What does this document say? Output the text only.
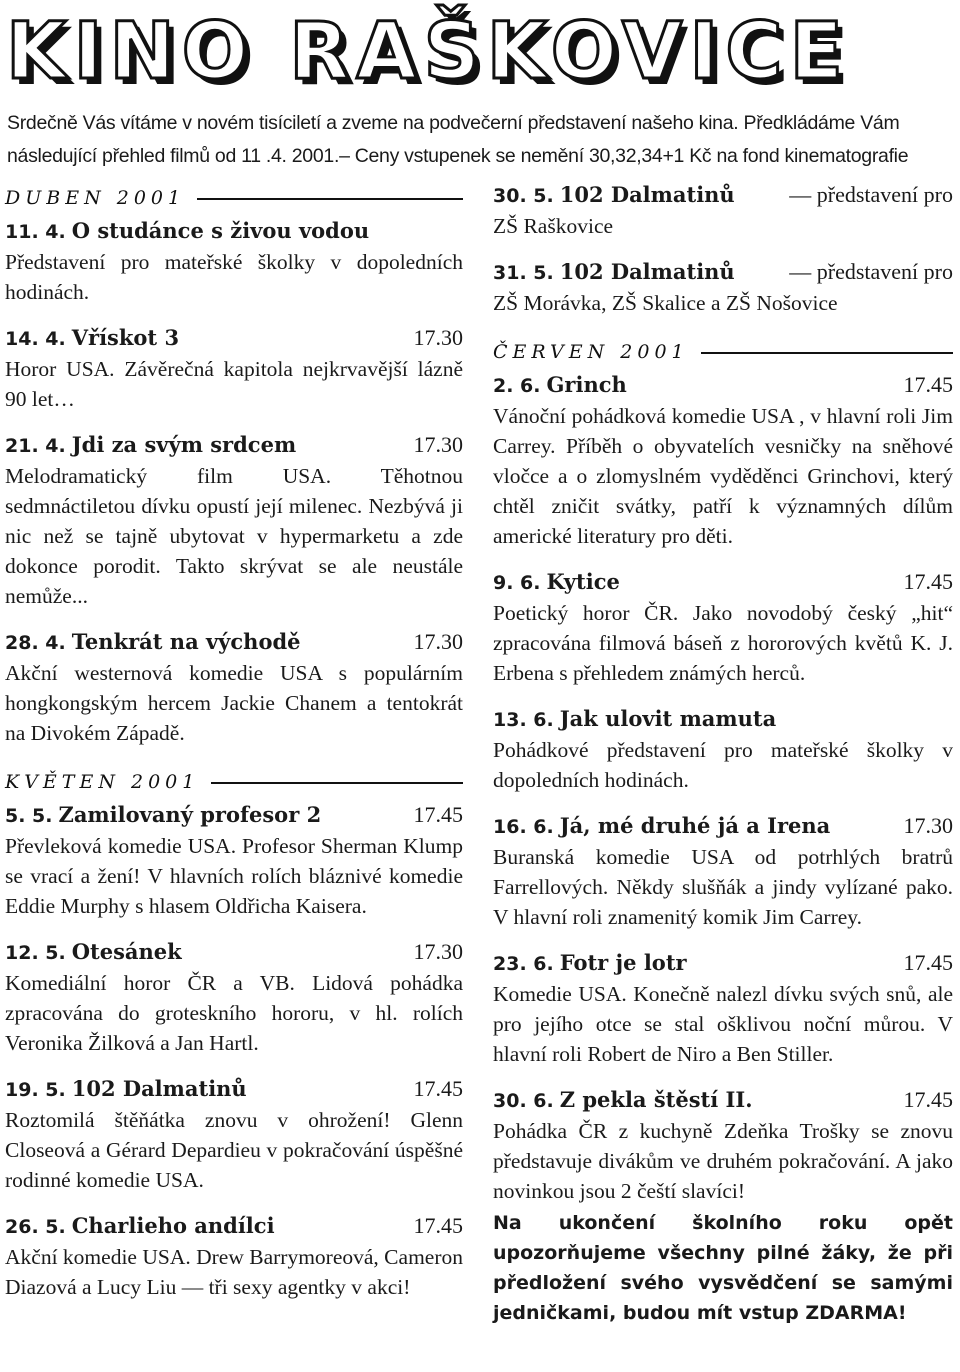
KINO RAŠKOVICE

Srdečně Vás vítáme v novém tisíciletí a zveme na podvečerní představení našeho kina. Předkládáme Vám následující přehled filmů od 11 .4. 2001.– Ceny vstupenek se nemění 30,32,34+1 Kč na fond kinematografie

DUBEN 2001
11. 4. O studánce s živou vodou
Představení pro mateřské školky v dopoledních hodinách.
14. 4. Vřískot 3	17.30
Horor USA. Závěrečná kapitola nejkrvavější lázně 90 let…
21. 4. Jdi za svým srdcem	17.30
Melodramatický film USA. Těhotnou sedmnáctiletou dívku opustí její milenec. Nezbývá ji nic než se tajně ubytovat v hypermarketu a zde dokonce porodit. Takto skrývat se ale neustále nemůže...
28. 4. Tenkrát na východě	17.30
Akční westernová komedie USA s populárním hongkongským hercem Jackie Chanem a tentokrát na Divokém Západě.
KVĚTEN 2001
5. 5. Zamilovaný profesor 2	17.45
Převleková komedie USA. Profesor Sherman Klump se vrací a žení! V hlavních rolích bláznivé komedie Eddie Murphy s hlasem Oldřicha Kaisera.
12. 5. Otesánek	17.30
Komediální horor ČR a VB. Lidová pohádka zpracována do groteskního hororu, v hl. rolích Veronika Žilková a Jan Hartl.
19. 5. 102 Dalmatinů	17.45
Roztomilá štěňátka znovu v ohrožení! Glenn Closeová a Gérard Depardieu v pokračování úspěšné rodinné komedie USA.
26. 5. Charlieho andílci	17.45
Akční komedie USA. Drew Barrymoreová, Cameron Diazová a Lucy Liu — tři sexy agentky v akci!
30. 5. 102 Dalmatinů	— představení pro
ZŠ Raškovice
31. 5. 102 Dalmatinů	— představení pro
ZŠ Morávka, ZŠ Skalice a ZŠ Nošovice
ČERVEN 2001
2. 6. Grinch	17.45
Vánoční pohádková komedie USA , v hlavní roli Jim Carrey. Příběh o obyvatelích vesničky na sněhové vločce a o zlomyslném vyděděnci Grinchovi, který chtěl zničit svátky, patří k významných dílům americké literatury pro děti.
9. 6. Kytice	17.45
Poetický horor ČR. Jako novodobý český „hit“ zpracována filmová báseň z hororových květů K. J. Erbena s přehledem známých herců.
13. 6. Jak ulovit mamuta
Pohádkové představení pro mateřské školky v dopoledních hodinách.
16. 6. Já, mé druhé já a Irena	17.30
Buranská komedie USA od potrhlých bratrů Farrellových. Někdy slušňák a jindy vylízané pako. V hlavní roli znamenitý komik Jim Carrey.
23. 6. Fotr je lotr	17.45
Komedie USA. Konečně nalezl dívku svých snů, ale pro jejího otce se stal ošklivou noční můrou. V hlavní roli Robert de Niro a Ben Stiller.
30. 6. Z pekla štěstí II.	17.45
Pohádka ČR z kuchyně Zdeňka Trošky se znovu představuje divákům ve druhém pokračování. A jako novinkou jsou 2 čeští slavíci!
Na ukončení školního roku opět upozorňujeme všechny pilné žáky, že při předložení svého vysvědčení se samými jedničkami, budou mít vstup ZDARMA!
